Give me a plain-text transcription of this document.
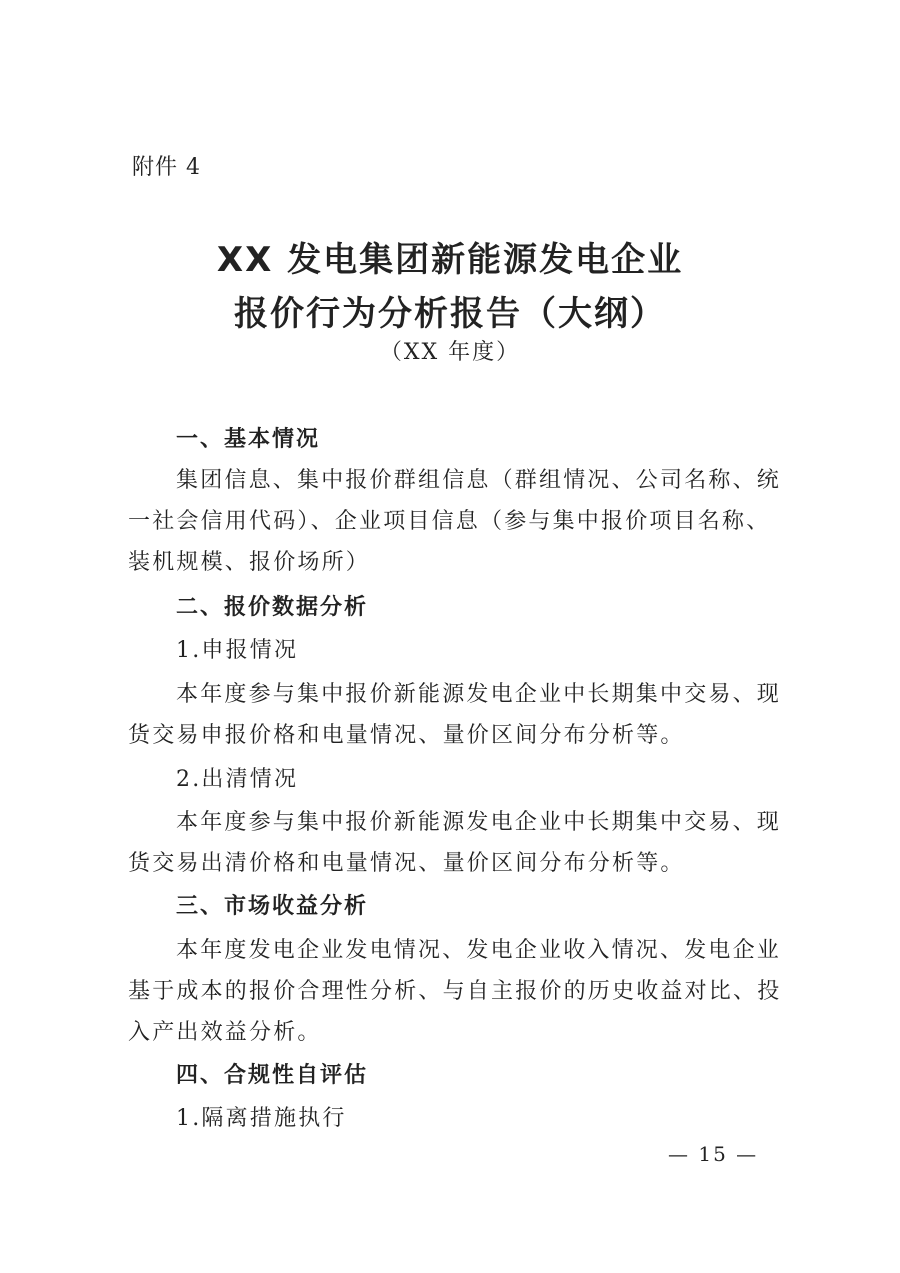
附件 4
XX 发电集团新能源发电企业
报价行为分析报告（大纲）
（XX 年度）
一、基本情况
集团信息、集中报价群组信息（群组情况、公司名称、统
一社会信用代码）、企业项目信息（参与集中报价项目名称、
装机规模、报价场所）
二、报价数据分析
1.申报情况
本年度参与集中报价新能源发电企业中长期集中交易、现
货交易申报价格和电量情况、量价区间分布分析等。
2.出清情况
本年度参与集中报价新能源发电企业中长期集中交易、现
货交易出清价格和电量情况、量价区间分布分析等。
三、市场收益分析
本年度发电企业发电情况、发电企业收入情况、发电企业
基于成本的报价合理性分析、与自主报价的历史收益对比、投
入产出效益分析。
四、合规性自评估
1.隔离措施执行
— 15 —
